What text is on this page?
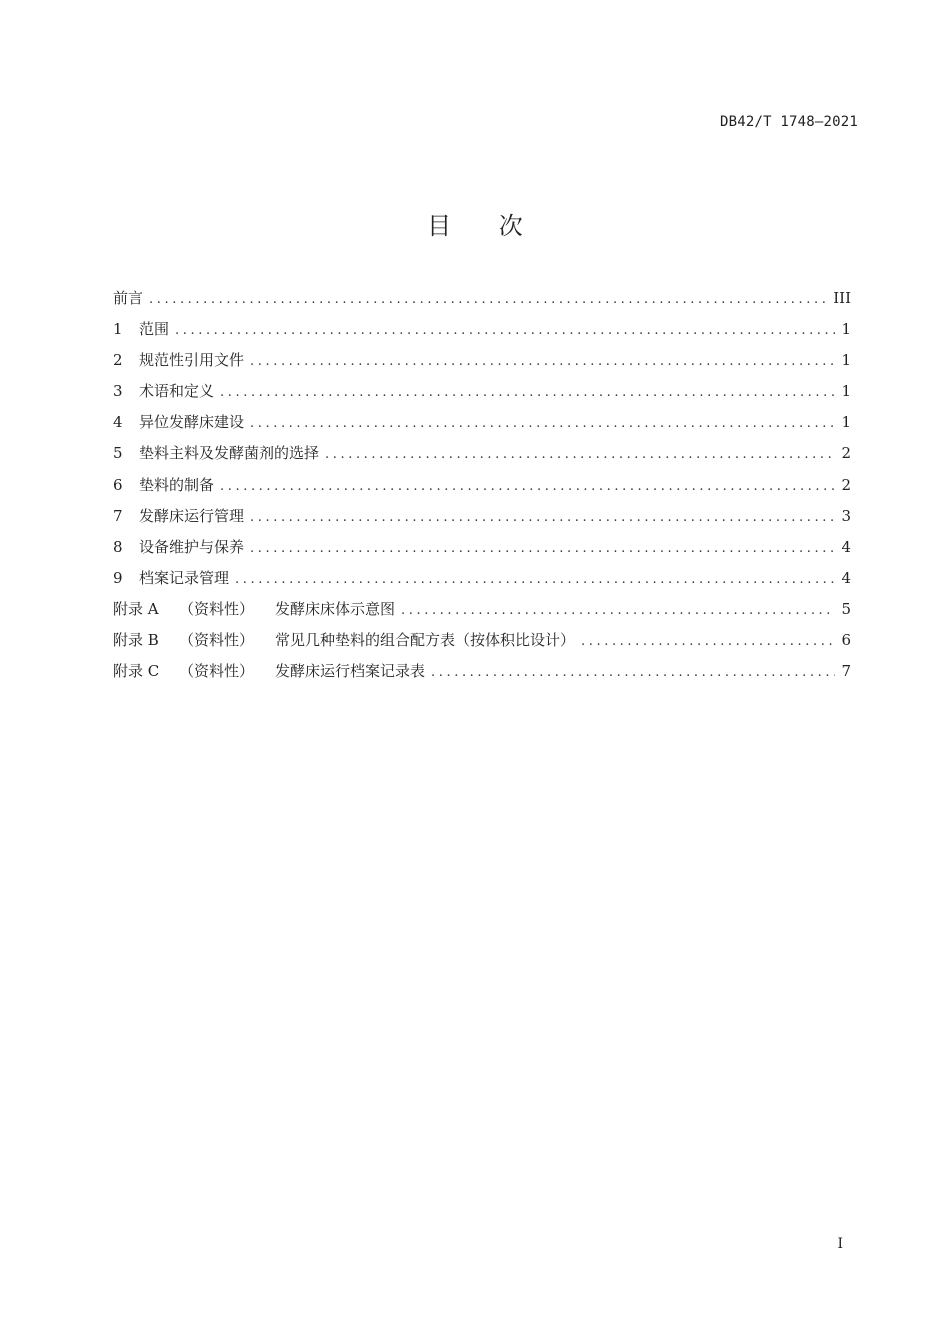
DB42/T 1748—2021
目 次
前言 .....	III
1	范围 .....	1
2	规范性引用文件 .....	1
3	术语和定义 .....	1
4	异位发酵床建设 .....	1
5	垫料主料及发酵菌剂的选择 .....	2
6	垫料的制备 .....	2
7	发酵床运行管理 .....	3
8	设备维护与保养 .....	4
9	档案记录管理 .....	4
附录 A	（资料性）	发酵床床体示意图 .....	5
附录 B	（资料性）	常见几种垫料的组合配方表（按体积比设计） .....	6
附录 C	（资料性）	发酵床运行档案记录表 .....	7
I
